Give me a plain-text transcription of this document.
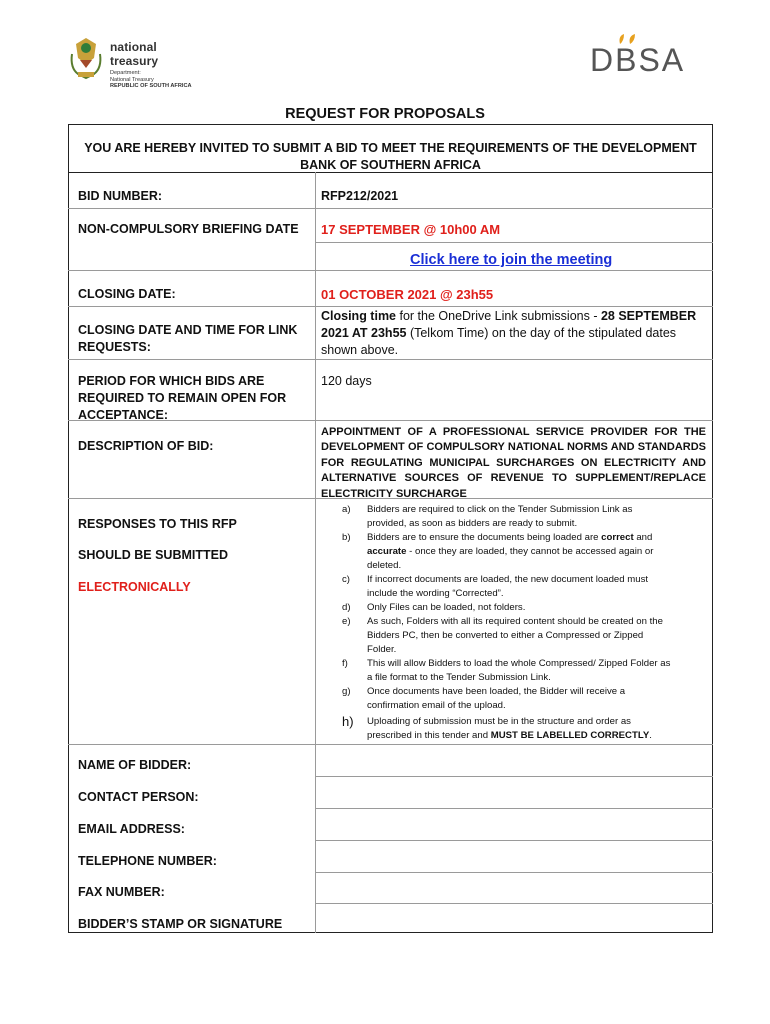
national treasury
Department:
National Treasury
REPUBLIC OF SOUTH AFRICA
DBSA
REQUEST FOR PROPOSALS
YOU ARE HEREBY INVITED TO SUBMIT A BID TO MEET THE REQUIREMENTS OF THE DEVELOPMENT
BANK OF SOUTHERN AFRICA
BID NUMBER:	RFP212/2021
NON-COMPULSORY BRIEFING DATE 17 SEPTEMBER @ 10h00 AM
Click here to join the meeting
CLOSING DATE:	01 OCTOBER 2021 @ 23h55
CLOSING DATE AND TIME FOR LINK
REQUESTS:
Closing time for the OneDrive Link submissions - 28 SEPTEMBER
2021 AT 23h55 (Telkom Time) on the day of the stipulated dates
shown above.
PERIOD FOR WHICH BIDS ARE
REQUIRED TO REMAIN OPEN FOR
ACCEPTANCE:
120 days
DESCRIPTION OF BID:
APPOINTMENT OF A PROFESSIONAL SERVICE PROVIDER FOR THE DEVELOPMENT OF COMPULSORY NATIONAL NORMS AND STANDARDS FOR REGULATING MUNICIPAL SURCHARGES ON ELECTRICITY AND ALTERNATIVE SOURCES OF REVENUE TO SUPPLEMENT/REPLACE ELECTRICITY SURCHARGE
RESPONSES TO THIS RFP
SHOULD BE SUBMITTED
ELECTRONICALLY
a) Bidders are required to click on the Tender Submission Link as
provided, as soon as bidders are ready to submit.
b) Bidders are to ensure the documents being loaded are correct and
accurate - once they are loaded, they cannot be accessed again or
deleted.
c) If incorrect documents are loaded, the new document loaded must
include the wording “Corrected”.
d) Only Files can be loaded, not folders.
e) As such, Folders with all its required content should be created on the
Bidders PC, then be converted to either a Compressed or Zipped
Folder.
f) This will allow Bidders to load the whole Compressed/ Zipped Folder as
a file format to the Tender Submission Link.
g) Once documents have been loaded, the Bidder will receive a
confirmation email of the upload.
h) Uploading of submission must be in the structure and order as
prescribed in this tender and MUST BE LABELLED CORRECTLY.
NAME OF BIDDER:
CONTACT PERSON:
EMAIL ADDRESS:
TELEPHONE NUMBER:
FAX NUMBER:
BIDDER’S STAMP OR SIGNATURE
